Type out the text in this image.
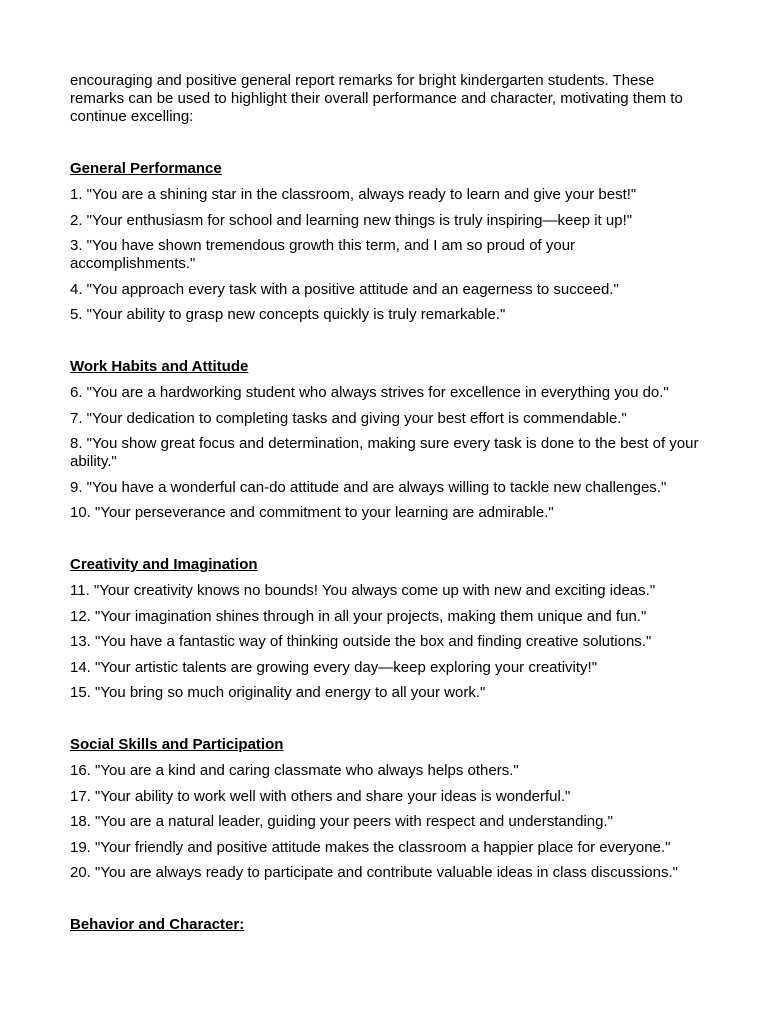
encouraging and positive general report remarks for bright kindergarten students. These remarks can be used to highlight their overall performance and character, motivating them to continue excelling:

General Performance

1. "You are a shining star in the classroom, always ready to learn and give your best!"

2. "Your enthusiasm for school and learning new things is truly inspiring—keep it up!"

3. "You have shown tremendous growth this term, and I am so proud of your accomplishments."

4. "You approach every task with a positive attitude and an eagerness to succeed."

5. "Your ability to grasp new concepts quickly is truly remarkable."

Work Habits and Attitude

6. "You are a hardworking student who always strives for excellence in everything you do."

7. "Your dedication to completing tasks and giving your best effort is commendable."

8. "You show great focus and determination, making sure every task is done to the best of your ability."

9. "You have a wonderful can-do attitude and are always willing to tackle new challenges."

10. "Your perseverance and commitment to your learning are admirable."

Creativity and Imagination

11. "Your creativity knows no bounds! You always come up with new and exciting ideas."

12. "Your imagination shines through in all your projects, making them unique and fun."

13. "You have a fantastic way of thinking outside the box and finding creative solutions."

14. "Your artistic talents are growing every day—keep exploring your creativity!"

15. "You bring so much originality and energy to all your work."

Social Skills and Participation

16. "You are a kind and caring classmate who always helps others."

17. "Your ability to work well with others and share your ideas is wonderful."

18. "You are a natural leader, guiding your peers with respect and understanding."

19. "Your friendly and positive attitude makes the classroom a happier place for everyone."

20. "You are always ready to participate and contribute valuable ideas in class discussions."

Behavior and Character:
